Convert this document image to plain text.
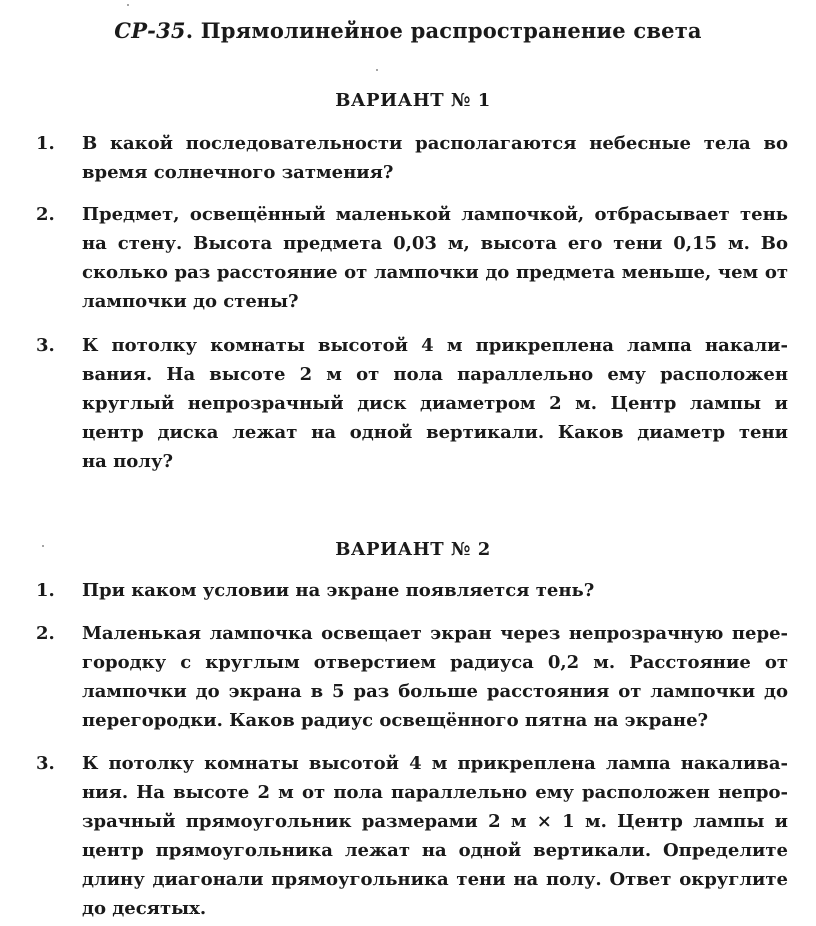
СР-35. Прямолинейное распространение света
ВАРИАНТ № 1
1. В какой последовательности располагаются небесные тела во
время солнечного затмения?
2. Предмет, освещённый маленькой лампочкой, отбрасывает тень
на стену. Высота предмета 0,03 м, высота его тени 0,15 м. Во
сколько раз расстояние от лампочки до предмета меньше, чем от
лампочки до стены?
3. К потолку комнаты высотой 4 м прикреплена лампа накали-
вания. На высоте 2 м от пола параллельно ему расположен
круглый непрозрачный диск диаметром 2 м. Центр лампы и
центр диска лежат на одной вертикали. Каков диаметр тени
на полу?
ВАРИАНТ № 2
1. При каком условии на экране появляется тень?
2. Маленькая лампочка освещает экран через непрозрачную пере-
городку с круглым отверстием радиуса 0,2 м. Расстояние от
лампочки до экрана в 5 раз больше расстояния от лампочки до
перегородки. Каков радиус освещённого пятна на экране?
3. К потолку комнаты высотой 4 м прикреплена лампа накалива-
ния. На высоте 2 м от пола параллельно ему расположен непро-
зрачный прямоугольник размерами 2 м × 1 м. Центр лампы и
центр прямоугольника лежат на одной вертикали. Определите
длину диагонали прямоугольника тени на полу. Ответ округлите
до десятых.
